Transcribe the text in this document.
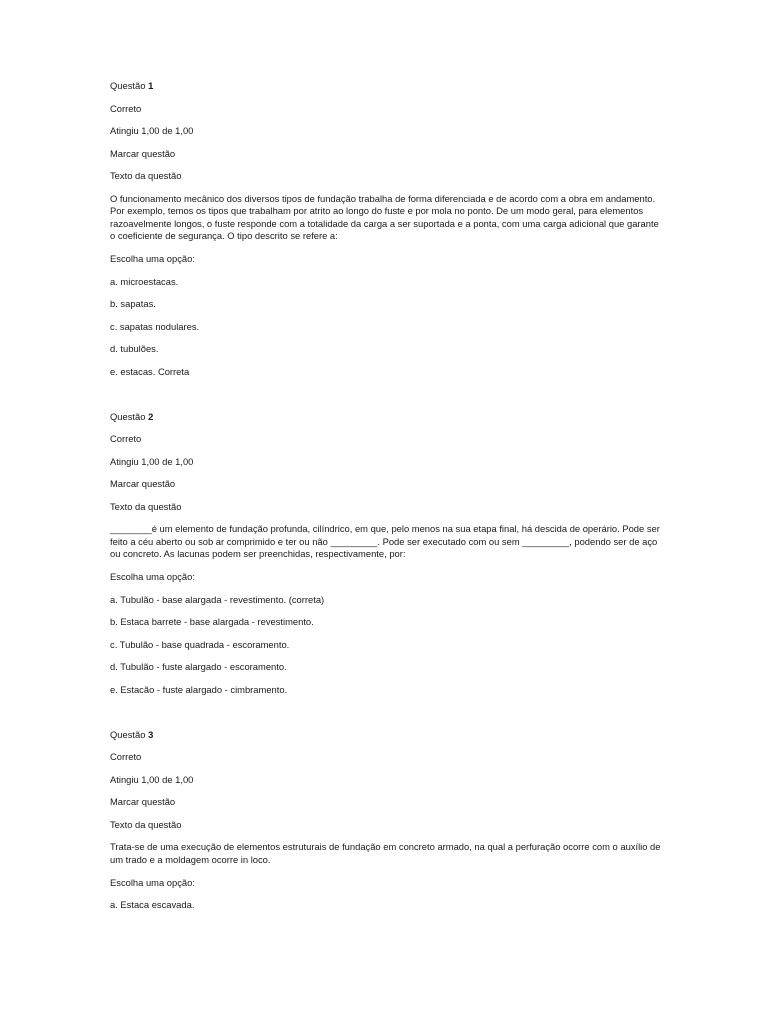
Questão 1

Correto

Atingiu 1,00 de 1,00

Marcar questão

Texto da questão

O funcionamento mecânico dos diversos tipos de fundação trabalha de forma diferenciada e de acordo com a obra em andamento. Por exemplo, temos os tipos que trabalham por atrito ao longo do fuste e por mola no ponto. De um modo geral, para elementos razoavelmente longos, o fuste responde com a totalidade da carga a ser suportada e a ponta, com uma carga adicional que garante o coeficiente de segurança. O tipo descrito se refere a:

Escolha uma opção:

a. microestacas.

b. sapatas.

c. sapatas nodulares.

d. tubulões.

e. estacas. Correta

Questão 2

Correto

Atingiu 1,00 de 1,00

Marcar questão

Texto da questão

________é um elemento de fundação profunda, cilíndrico, em que, pelo menos na sua etapa final, há descida de operário. Pode ser feito a céu aberto ou sob ar comprimido e ter ou não _________. Pode ser executado com ou sem _________, podendo ser de aço ou concreto. As lacunas podem ser preenchidas, respectivamente, por:

Escolha uma opção:

a. Tubulão - base alargada - revestimento. (correta)

b. Estaca barrete - base alargada - revestimento.

c. Tubulão - base quadrada - escoramento.

d. Tubulão - fuste alargado - escoramento.

e. Estacão - fuste alargado - cimbramento.

Questão 3

Correto

Atingiu 1,00 de 1,00

Marcar questão

Texto da questão

Trata-se de uma execução de elementos estruturais de fundação em concreto armado, na qual a perfuração ocorre com o auxílio de um trado e a moldagem ocorre in loco.

Escolha uma opção:

a. Estaca escavada.
